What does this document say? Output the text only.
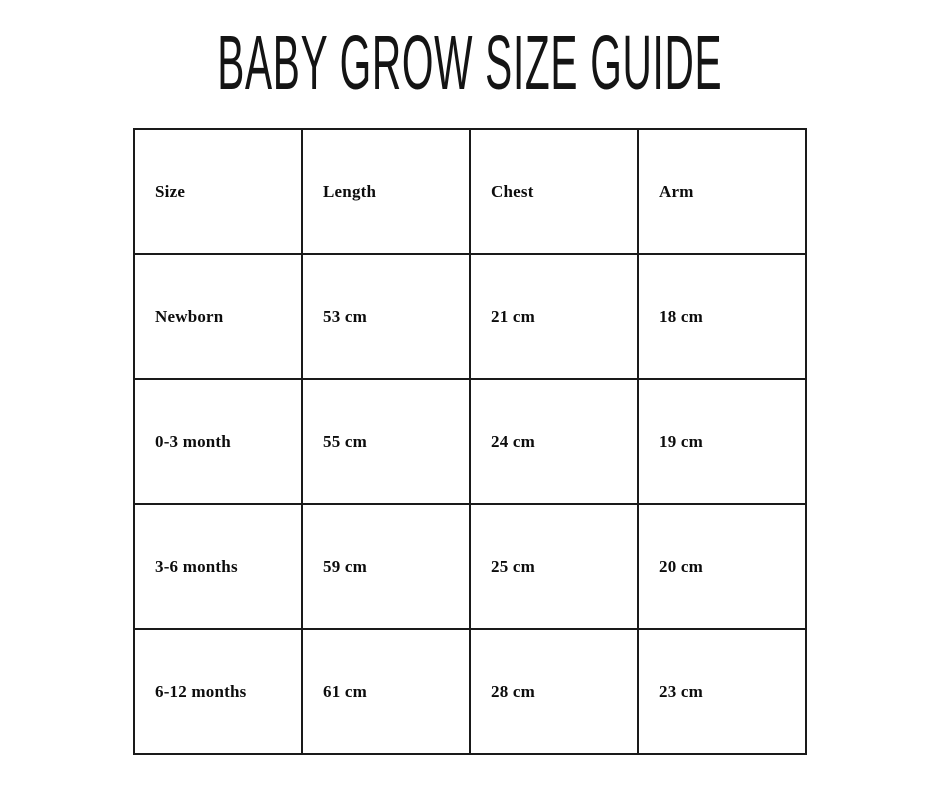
BABY GROW SIZE GUIDE
Size	Length	Chest	Arm
Newborn	53 cm	21 cm	18 cm
0-3 month	55 cm	24 cm	19 cm
3-6 months	59 cm	25 cm	20 cm
6-12 months	61 cm	28 cm	23 cm
